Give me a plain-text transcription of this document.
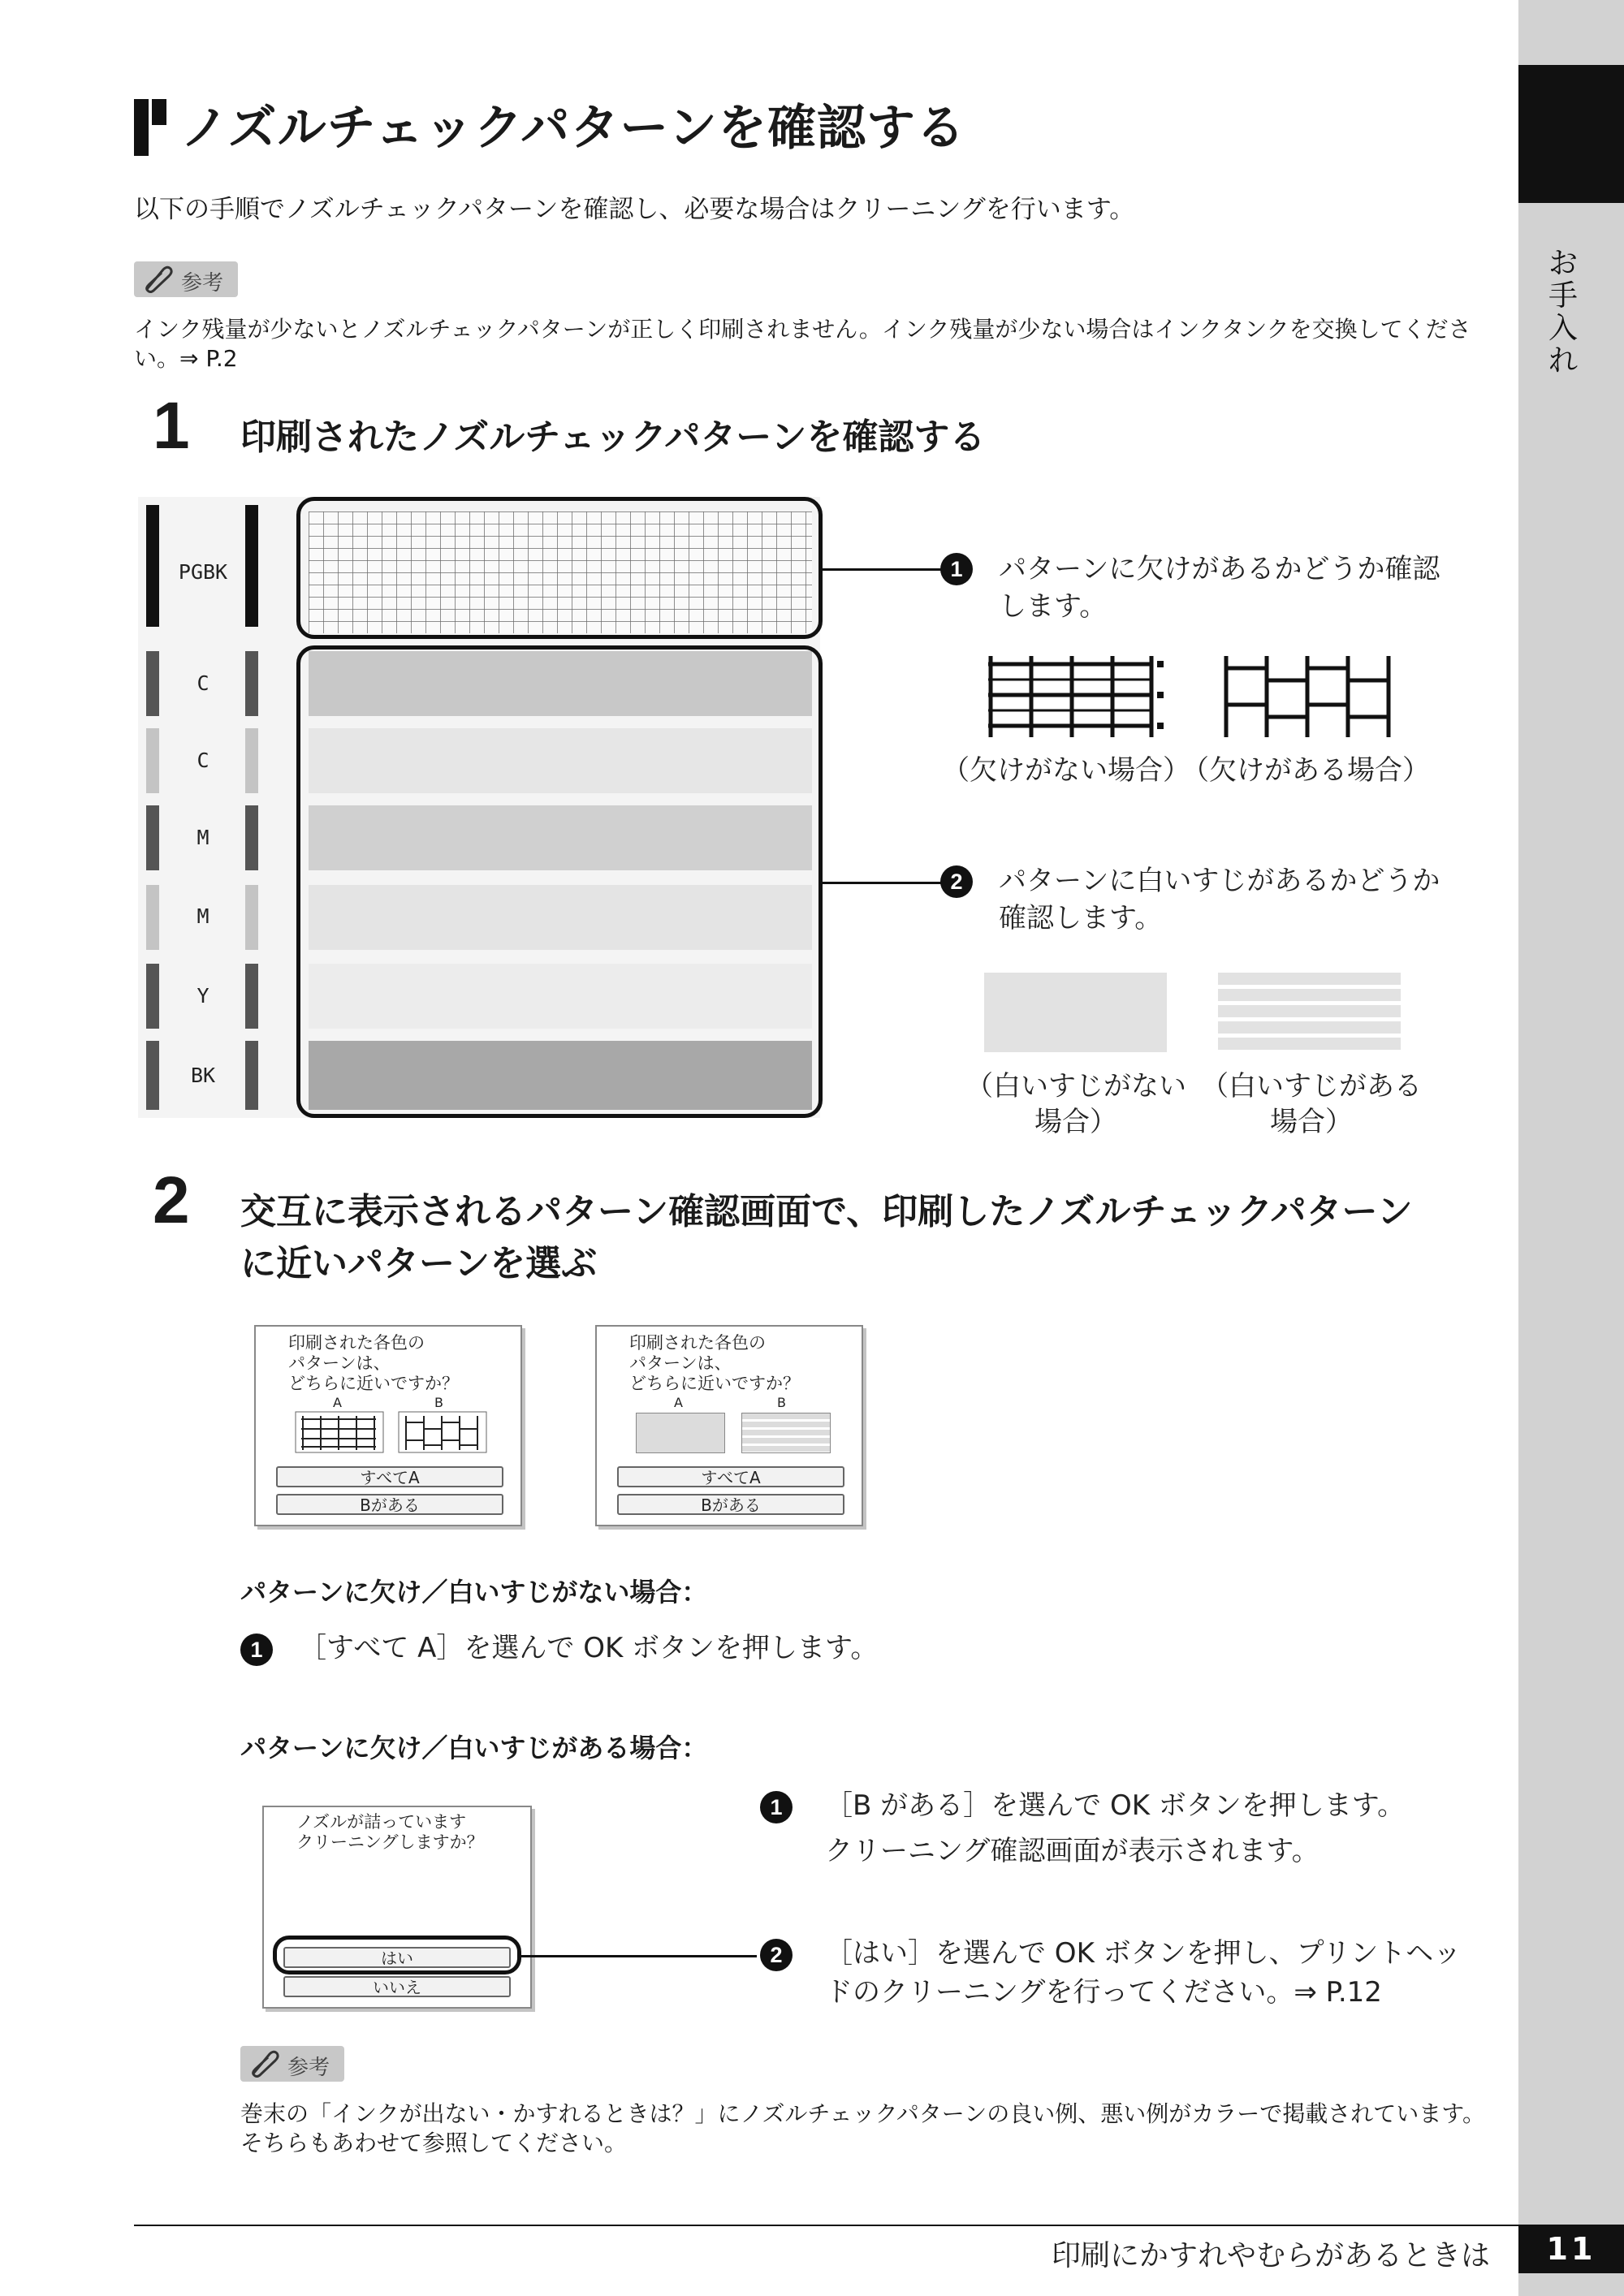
お手入れ
ノズルチェックパターンを確認する
以下の手順でノズルチェックパターンを確認し、必要な場合はクリーニングを行います。
参考
インク残量が少ないとノズルチェックパターンが正しく印刷されません。インク残量が少ない場合はインクタンクを交換してください。⇒ P.2
1 印刷されたノズルチェックパターンを確認する
PGBK
C
C
M
M
Y
BK
1	パターンに欠けがあるかどうか確認します。
（欠けがない場合）
（欠けがある場合）
2	パターンに白いすじがあるかどうか確認します。
（白いすじがない場合）
（白いすじがある場合）
2 交互に表示されるパターン確認画面で、印刷したノズルチェックパターン
に近いパターンを選ぶ
印刷された各色の
パターンは、
どちらに近いですか？
A	B
すべてA
Bがある
印刷された各色の
パターンは、
どちらに近いですか？
A	B
すべてA
Bがある
パターンに欠け／白いすじがない場合：
1	［すべて A］を選んで OK ボタンを押します。
パターンに欠け／白いすじがある場合：
ノズルが詰っています
クリーニングしますか？
はい
いいえ
1	［B がある］を選んで OK ボタンを押します。
クリーニング確認画面が表示されます。
2	［はい］を選んで OK ボタンを押し、プリントヘッドのクリーニングを行ってください。⇒ P.12
参考
巻末の「インクが出ない・かすれるときは？」にノズルチェックパターンの良い例、悪い例がカラーで掲載されています。そちらもあわせて参照してください。
印刷にかすれやむらがあるときは	11
